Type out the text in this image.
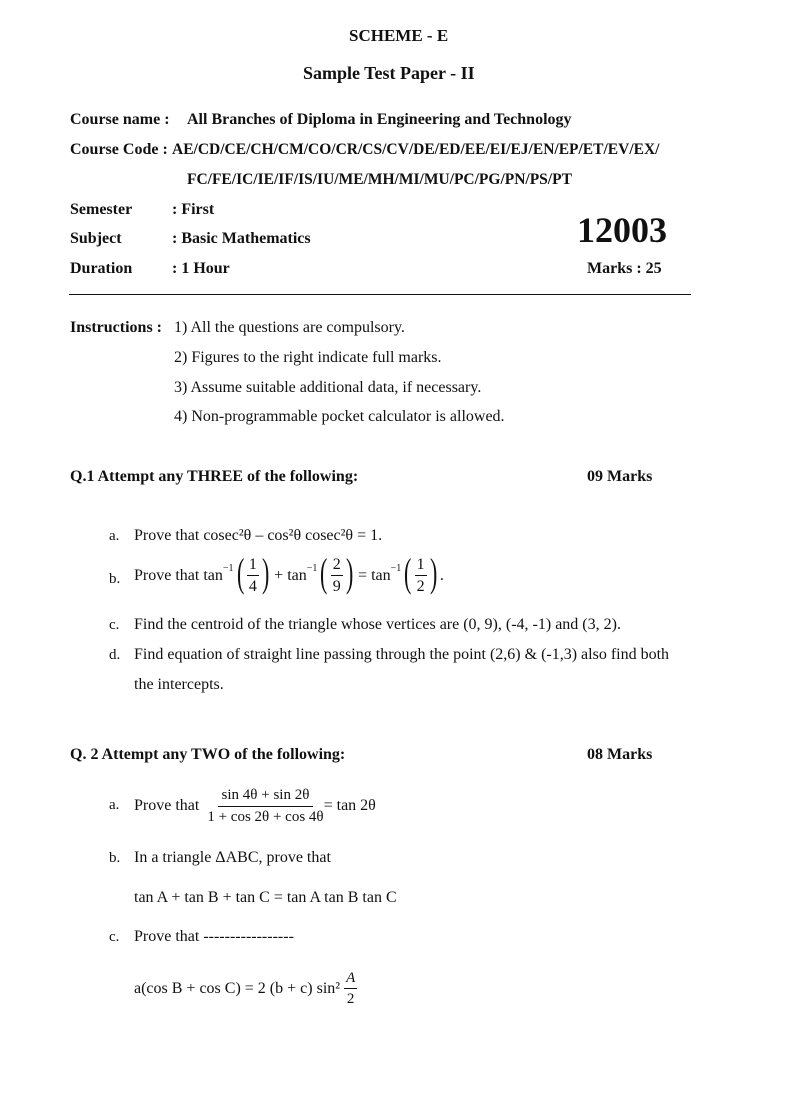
SCHEME - E
Sample Test Paper - II
Course name : All Branches of Diploma in Engineering and Technology
Course Code : AE/CD/CE/CH/CM/CO/CR/CS/CV/DE/ED/EE/EI/EJ/EN/EP/ET/EV/EX/
FC/FE/IC/IE/IF/IS/IU/ME/MH/MI/MU/PC/PG/PN/PS/PT
Semester : First
Subject	: Basic Mathematics	12003
Duration : 1 Hour	Marks : 25
Instructions : 1) All the questions are compulsory.
2) Figures to the right indicate full marks.
3) Assume suitable additional data, if necessary.
4) Non-programmable pocket calculator is allowed.
Q.1 Attempt any THREE of the following:	09 Marks
a. Prove that cosec²θ – cos²θ cosec²θ = 1.
b. Prove that tan −1 ( $\frac{1}{4}$ ) + tan −1 ( $\frac{2}{9}$ ) = tan −1 ( $\frac{1}{2}$ ) .
c. Find the centroid of the triangle whose vertices are (0, 9), (-4, -1) and (3, 2).
d. Find equation of straight line passing through the point (2,6) & (-1,3) also find both
the intercepts.
Q. 2 Attempt any TWO of the following:	08 Marks
a. Prove that $\frac{\sin 4\theta + \sin 2\theta}{1 + \cos 2\theta + \cos 4\theta} = \tan 2\theta$
b. In a triangle ΔABC, prove that
tan A + tan B + tan C = tan A tan B tan C
c. Prove that -----------------
a(cos B + cos C) = 2 (b + c) $\sin^2 \frac{A}{2}$
